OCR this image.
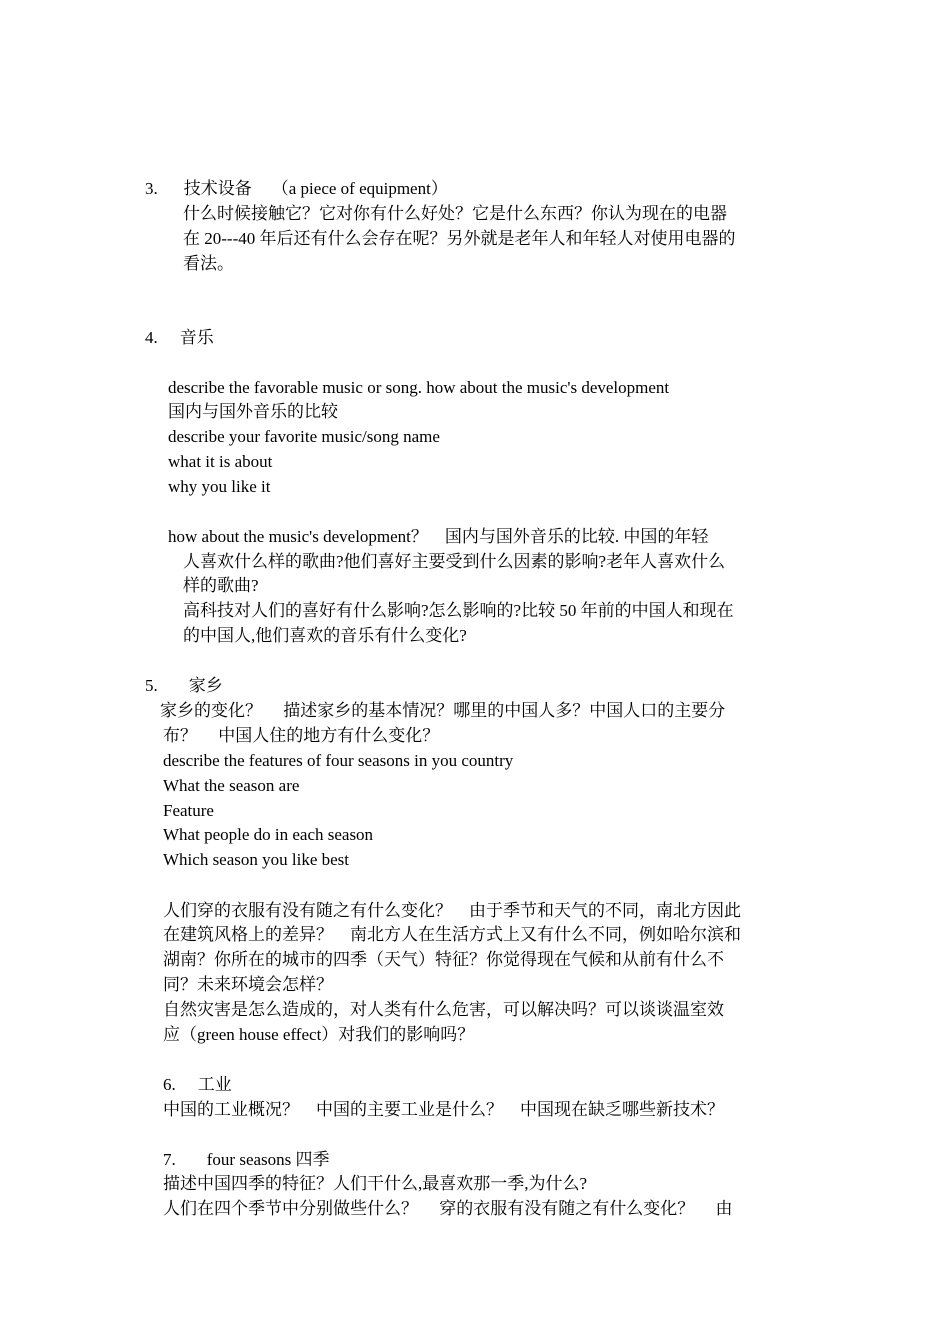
3. 技术设备 （a piece of equipment）
什么时候接触它？它对你有什么好处？它是什么东西？你认为现在的电器
在 20---40 年后还有什么会存在呢？另外就是老年人和年轻人对使用电器的
看法。
4. 音乐
describe the favorable music or song. how about the music's development
国内与国外音乐的比较
describe your favorite music/song name
what it is about
why you like it
how about the music's development？　国内与国外音乐的比较. 中国的年轻
人喜欢什么样的歌曲?他们喜好主要受到什么因素的影响?老年人喜欢什么
样的歌曲?
高科技对人们的喜好有什么影响?怎么影响的?比较 50 年前的中国人和现在
的中国人,他们喜欢的音乐有什么变化?
5. 家乡
家乡的变化？　 描述家乡的基本情况？哪里的中国人多？中国人口的主要分
布？　 中国人住的地方有什么变化？
describe the features of four seasons in you country
What the season are
Feature
What people do in each season
Which season you like best
人们穿的衣服有没有随之有什么变化？　由于季节和天气的不同，南北方因此
在建筑风格上的差异？　南北方人在生活方式上又有什么不同，例如哈尔滨和
湖南？你所在的城市的四季（天气）特征？你觉得现在气候和从前有什么不
同？未来环境会怎样？
自然灾害是怎么造成的，对人类有什么危害，可以解决吗？可以谈谈温室效
应（green house effect）对我们的影响吗？
6. 工业
中国的工业概况？　中国的主要工业是什么？　中国现在缺乏哪些新技术？
7. four seasons 四季
描述中国四季的特征？人们干什么,最喜欢那一季,为什么?
人们在四个季节中分别做些什么？　 穿的衣服有没有随之有什么变化？　 由
